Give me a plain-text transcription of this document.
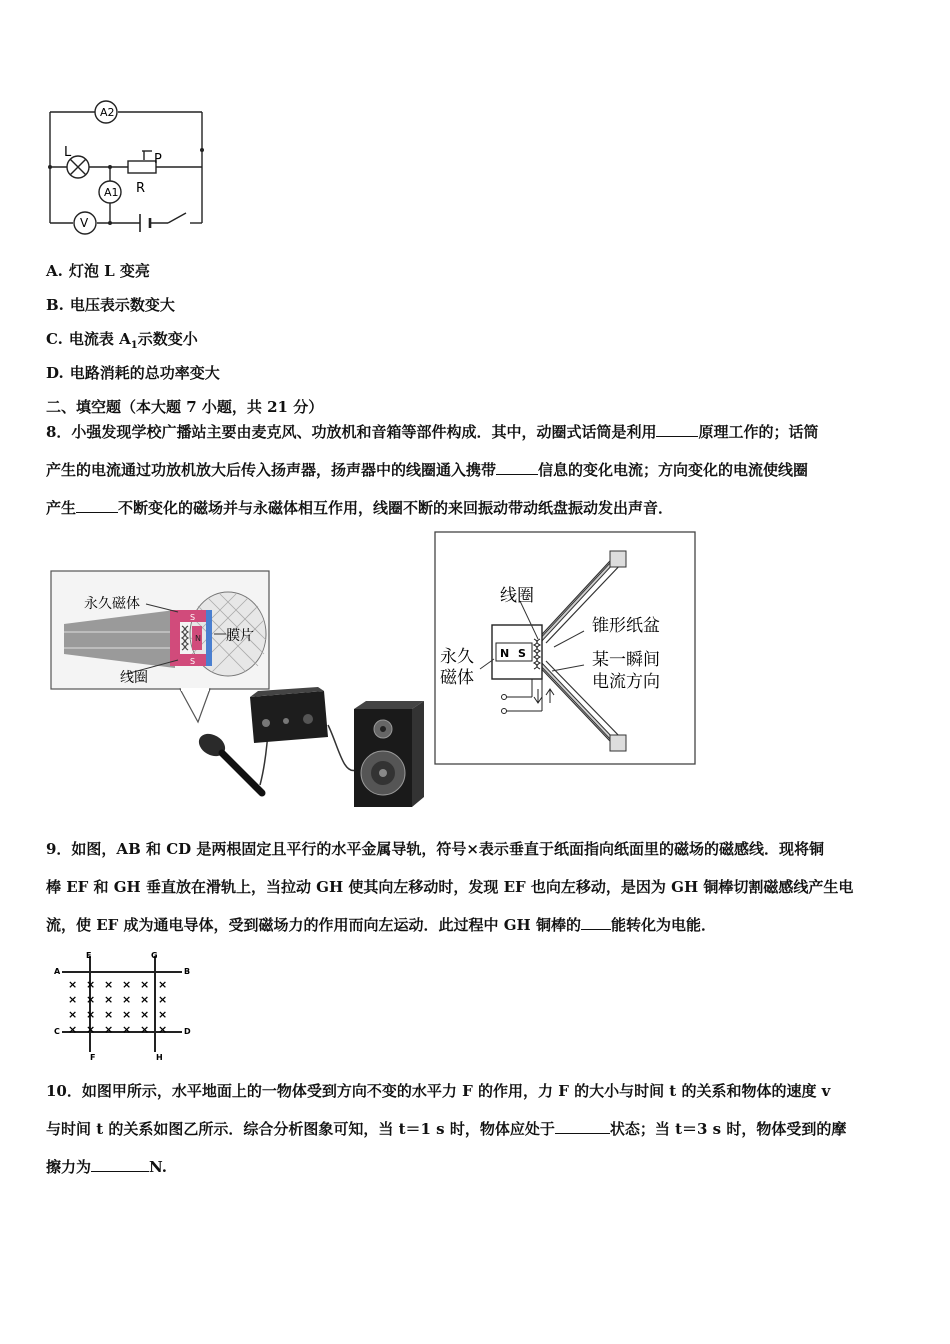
A2
A1
V
L
R
P
A. 灯泡 L 变亮
B. 电压表示数变大
C. 电流表 $A_1$示数变小
D. 电路消耗的总功率变大
二、填空题（本大题 7 小题，共 21 分）
8．小强发现学校广播站主要由麦克风、功放机和音箱等部件构成．其中，动圈式话筒是利用	原理工作的；话筒
产生的电流通过功放机放大后传入扬声器，扬声器中的线圈通入携带	信息的变化电流；方向变化的电流使线圈
产生	不断变化的磁场并与永磁体相互作用，线圈不断的来回振动带动纸盘振动发出声音．
S
N
S
永久磁体
膜片
线圈
N S
线圈
锥形纸盆
永久
磁体
某一瞬间
电流方向
9．如图，AB 和 CD 是两根固定且平行的水平金属导轨，符号×表示垂直于纸面指向纸面里的磁场的磁感线．现将铜
棒 EF 和 GH 垂直放在滑轨上，当拉动 GH 使其向左移动时，发现 EF 也向左移动，是因为 GH 铜棒切割磁感线产生电
流，使 EF 成为通电导体，受到磁场力的作用而向左运动．此过程中 GH 铜棒的 能转化为电能．
× × × × × ×
× × × × × ×
× × × × × ×
× × × × × ×
A	B
C	D
E
F
G
H
10．如图甲所示，水平地面上的一物体受到方向不变的水平力 F 的作用，力 F 的大小与时间 t 的关系和物体的速度 v
与时间 t 的关系如图乙所示．综合分析图象可知，当 t＝1 s 时，物体应处于	状态；当 t＝3 s 时，物体受到的摩
擦力为	N.
